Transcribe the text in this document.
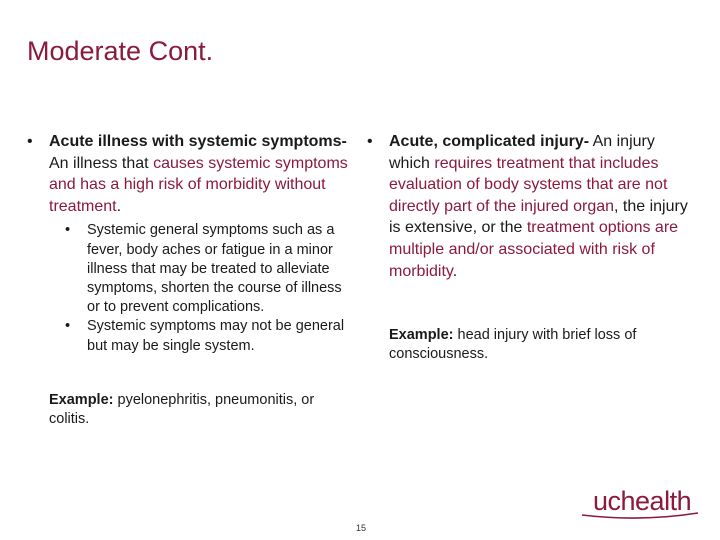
Moderate Cont.
• Acute illness with systemic symptoms- An illness that causes systemic symptoms and has a high risk of morbidity without treatment.
• Systemic general symptoms such as a fever, body aches or fatigue in a minor illness that may be treated to alleviate symptoms, shorten the course of illness or to prevent complications.
• Systemic symptoms may not be general but may be single system.
Example: pyelonephritis, pneumonitis, or colitis.
• Acute, complicated injury- An injury which requires treatment that includes evaluation of body systems that are not directly part of the injured organ, the injury is extensive, or the treatment options are multiple and/or associated with risk of morbidity.
Example: head injury with brief loss of consciousness.
15
uchealth
